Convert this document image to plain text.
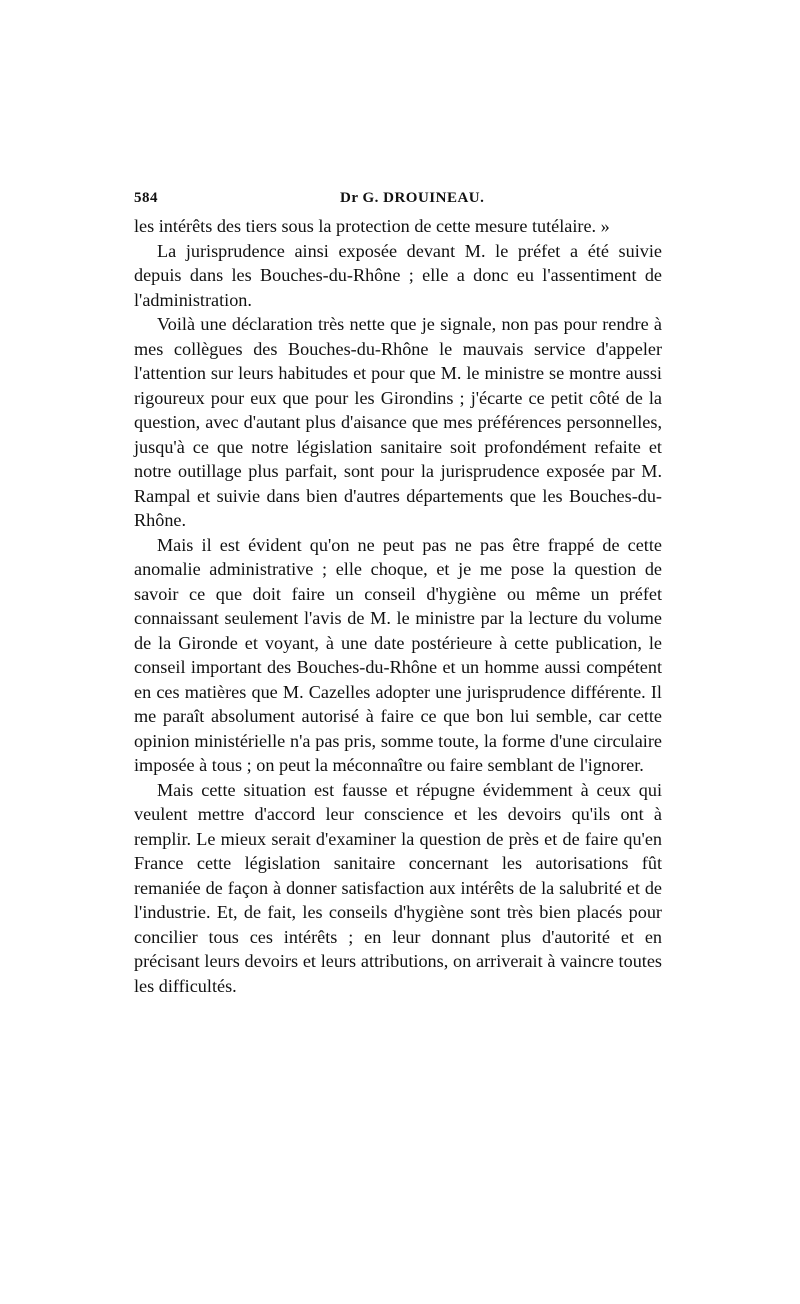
584	Dr G. DROUINEAU.

les intérêts des tiers sous la protection de cette mesure tutélaire. »

La jurisprudence ainsi exposée devant M. le préfet a été suivie depuis dans les Bouches-du-Rhône ; elle a donc eu l'assentiment de l'administration.

Voilà une déclaration très nette que je signale, non pas pour rendre à mes collègues des Bouches-du-Rhône le mauvais service d'appeler l'attention sur leurs habitudes et pour que M. le ministre se montre aussi rigoureux pour eux que pour les Girondins ; j'écarte ce petit côté de la question, avec d'autant plus d'aisance que mes préférences personnelles, jusqu'à ce que notre législation sanitaire soit profondément refaite et notre outillage plus parfait, sont pour la jurisprudence exposée par M. Rampal et suivie dans bien d'autres départements que les Bouches-du-Rhône.

Mais il est évident qu'on ne peut pas ne pas être frappé de cette anomalie administrative ; elle choque, et je me pose la question de savoir ce que doit faire un conseil d'hygiène ou même un préfet connaissant seulement l'avis de M. le ministre par la lecture du volume de la Gironde et voyant, à une date postérieure à cette publication, le conseil important des Bouches-du-Rhône et un homme aussi compétent en ces matières que M. Cazelles adopter une jurisprudence différente. Il me paraît absolument autorisé à faire ce que bon lui semble, car cette opinion ministérielle n'a pas pris, somme toute, la forme d'une circulaire imposée à tous ; on peut la méconnaître ou faire semblant de l'ignorer.

Mais cette situation est fausse et répugne évidemment à ceux qui veulent mettre d'accord leur conscience et les devoirs qu'ils ont à remplir. Le mieux serait d'examiner la question de près et de faire qu'en France cette législation sanitaire concernant les autorisations fût remaniée de façon à donner satisfaction aux intérêts de la salubrité et de l'industrie. Et, de fait, les conseils d'hygiène sont très bien placés pour concilier tous ces intérêts ; en leur donnant plus d'autorité et en précisant leurs devoirs et leurs attributions, on arriverait à vaincre toutes les difficultés.
